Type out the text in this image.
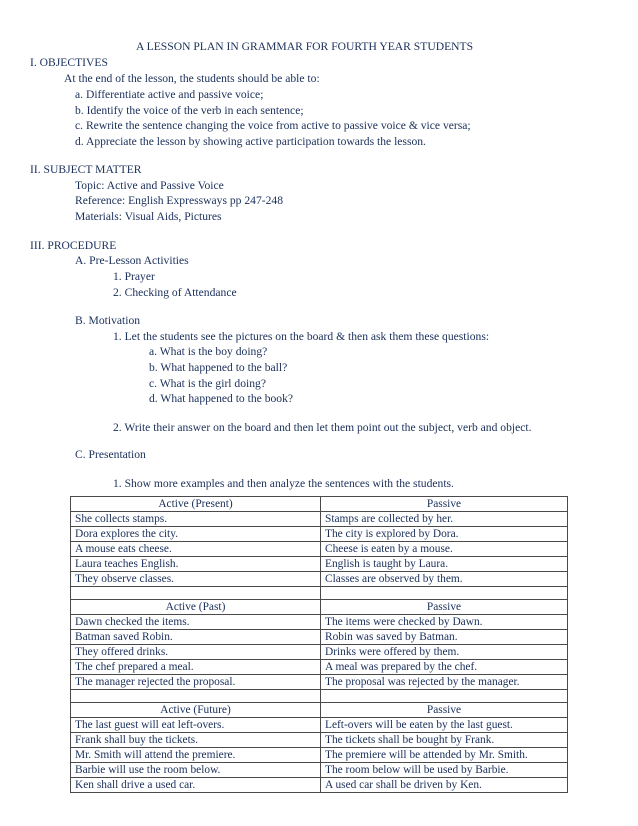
A LESSON PLAN IN GRAMMAR FOR FOURTH YEAR STUDENTS
I. OBJECTIVES
At the end of the lesson, the students should be able to:
a. Differentiate active and passive voice;
b. Identify the voice of the verb in each sentence;
c. Rewrite the sentence changing the voice from active to passive voice & vice versa;
d. Appreciate the lesson by showing active participation towards the lesson.
II. SUBJECT MATTER
Topic: Active and Passive Voice
Reference: English Expressways pp 247-248
Materials: Visual Aids, Pictures
III. PROCEDURE
A. Pre-Lesson Activities
1. Prayer
2. Checking of Attendance
B. Motivation
1. Let the students see the pictures on the board & then ask them these questions:
a. What is the boy doing?
b. What happened to the ball?
c. What is the girl doing?
d. What happened to the book?
2. Write their answer on the board and then let them point out the subject, verb and object.
C. Presentation
1. Show more examples and then analyze the sentences with the students.
Active (Present)	Passive
She collects stamps.	Stamps are collected by her.
Dora explores the city.	The city is explored by Dora.
A mouse eats cheese.	Cheese is eaten by a mouse.
Laura teaches English.	English is taught by Laura.
They observe classes.	Classes are observed by them.

Active (Past)	Passive
Dawn checked the items.	The items were checked by Dawn.
Batman saved Robin.	Robin was saved by Batman.
They offered drinks.	Drinks were offered by them.
The chef prepared a meal.	A meal was prepared by the chef.
The manager rejected the proposal.	The proposal was rejected by the manager.

Active (Future)	Passive
The last guest will eat left-overs.	Left-overs will be eaten by the last guest.
Frank shall buy the tickets.	The tickets shall be bought by Frank.
Mr. Smith will attend the premiere.	The premiere will be attended by Mr. Smith.
Barbie will use the room below.	The room below will be used by Barbie.
Ken shall drive a used car.	A used car shall be driven by Ken.
